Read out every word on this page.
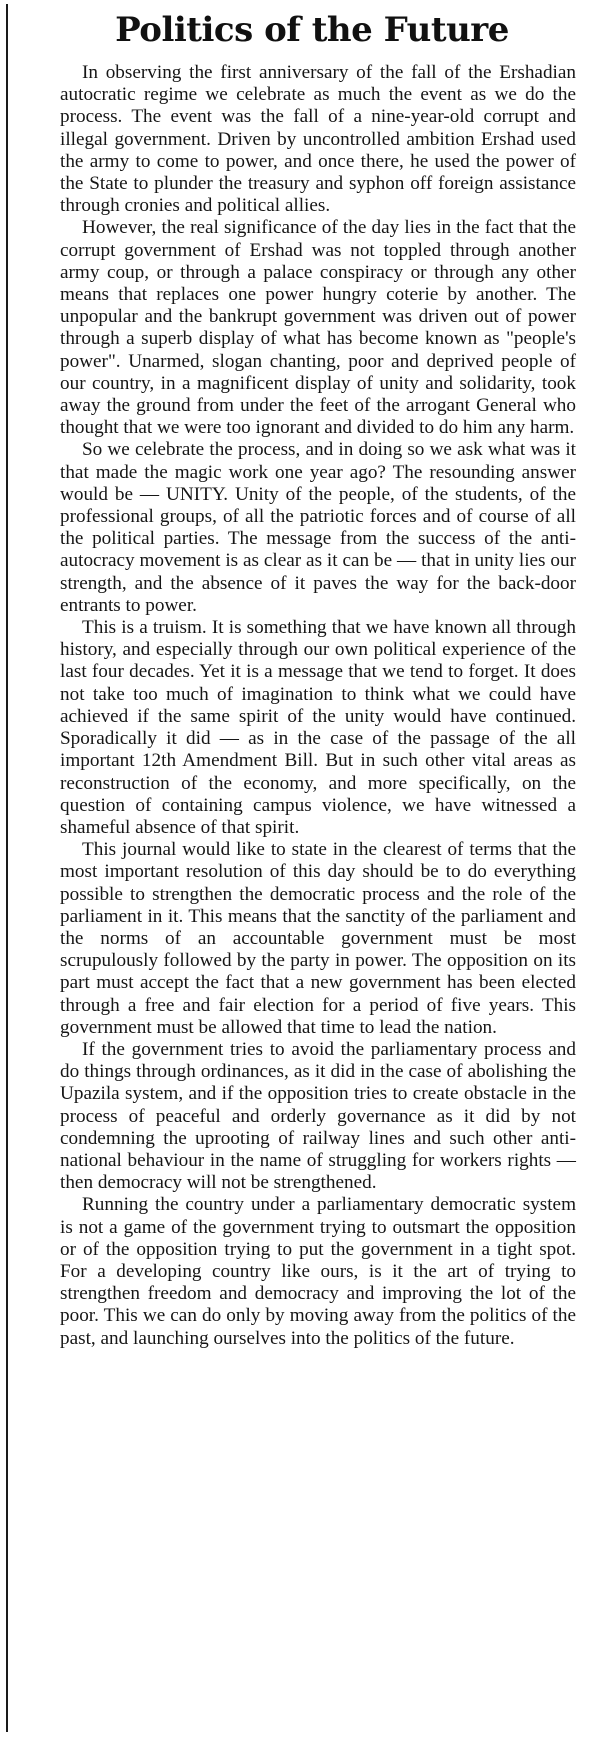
Politics of the Future

In observing the first anniversary of the fall of the Ershadian autocratic regime we celebrate as much the event as we do the process. The event was the fall of a nine-year-old corrupt and illegal government. Driven by uncontrolled ambition Ershad used the army to come to power, and once there, he used the power of the State to plunder the treasury and syphon off foreign assistance through cronies and political allies.

However, the real significance of the day lies in the fact that the corrupt government of Ershad was not toppled through another army coup, or through a palace conspiracy or through any other means that replaces one power hungry coterie by another. The unpopular and the bankrupt government was driven out of power through a superb display of what has become known as "people's power". Unarmed, slogan chanting, poor and deprived people of our country, in a magnificent display of unity and solidarity, took away the ground from under the feet of the arrogant General who thought that we were too ignorant and divided to do him any harm.

So we celebrate the process, and in doing so we ask what was it that made the magic work one year ago? The resounding answer would be — UNITY. Unity of the people, of the students, of the professional groups, of all the patriotic forces and of course of all the political parties. The message from the success of the anti-autocracy movement is as clear as it can be — that in unity lies our strength, and the absence of it paves the way for the back-door entrants to power.

This is a truism. It is something that we have known all through history, and especially through our own political experience of the last four decades. Yet it is a message that we tend to forget. It does not take too much of imagination to think what we could have achieved if the same spirit of the unity would have continued. Sporadically it did — as in the case of the passage of the all important 12th Amendment Bill. But in such other vital areas as reconstruction of the economy, and more specifically, on the question of containing campus violence, we have witnessed a shameful absence of that spirit.

This journal would like to state in the clearest of terms that the most important resolution of this day should be to do everything possible to strengthen the democratic process and the role of the parliament in it. This means that the sanctity of the parliament and the norms of an accountable government must be most scrupulously followed by the party in power. The opposition on its part must accept the fact that a new government has been elected through a free and fair election for a period of five years. This government must be allowed that time to lead the nation.

If the government tries to avoid the parliamentary process and do things through ordinances, as it did in the case of abolishing the Upazila system, and if the opposition tries to create obstacle in the process of peaceful and orderly governance as it did by not condemning the uprooting of railway lines and such other anti-national behaviour in the name of struggling for workers rights — then democracy will not be strengthened.

Running the country under a parliamentary democratic system is not a game of the government trying to outsmart the opposition or of the opposition trying to put the government in a tight spot. For a developing country like ours, is it the art of trying to strengthen freedom and democracy and improving the lot of the poor. This we can do only by moving away from the politics of the past, and launching ourselves into the politics of the future.
